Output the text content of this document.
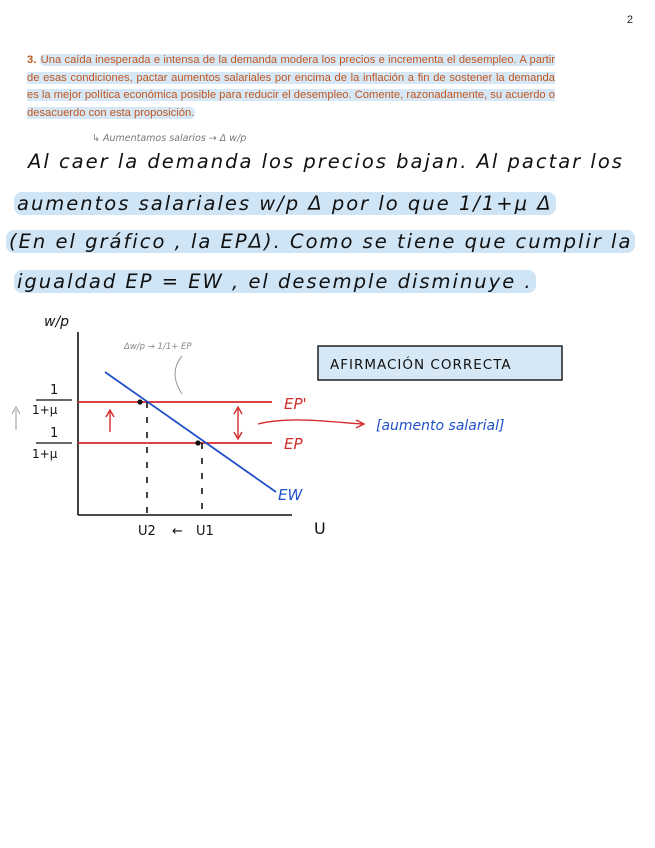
2
3. Una caída inesperada e intensa de la demanda modera los precios e incrementa el desempleo. A partir de esas condiciones, pactar aumentos salariales por encima de la inflación a fin de sostener la demanda es la mejor política económica posible para reducir el desempleo. Comente, razonadamente, su acuerdo o desacuerdo con esta proposición.
↳ Aumentamos salarios → Δ w/p
Al caer la demanda los precios bajan. Al pactar los
aumentos salariales w/p Δ por lo que 1/1+μ Δ
(En el gráfico , la EPΔ). Como se tiene que cumplir la
igualdad EP = EW , el desemple disminuye .
w/p
U
1
1+μ
1
1+μ
EP'
EP
EW
U2 ← U1
Δw/p → 1/1+ EP
[aumento salarial]
AFIRMACIÓN CORRECTA
